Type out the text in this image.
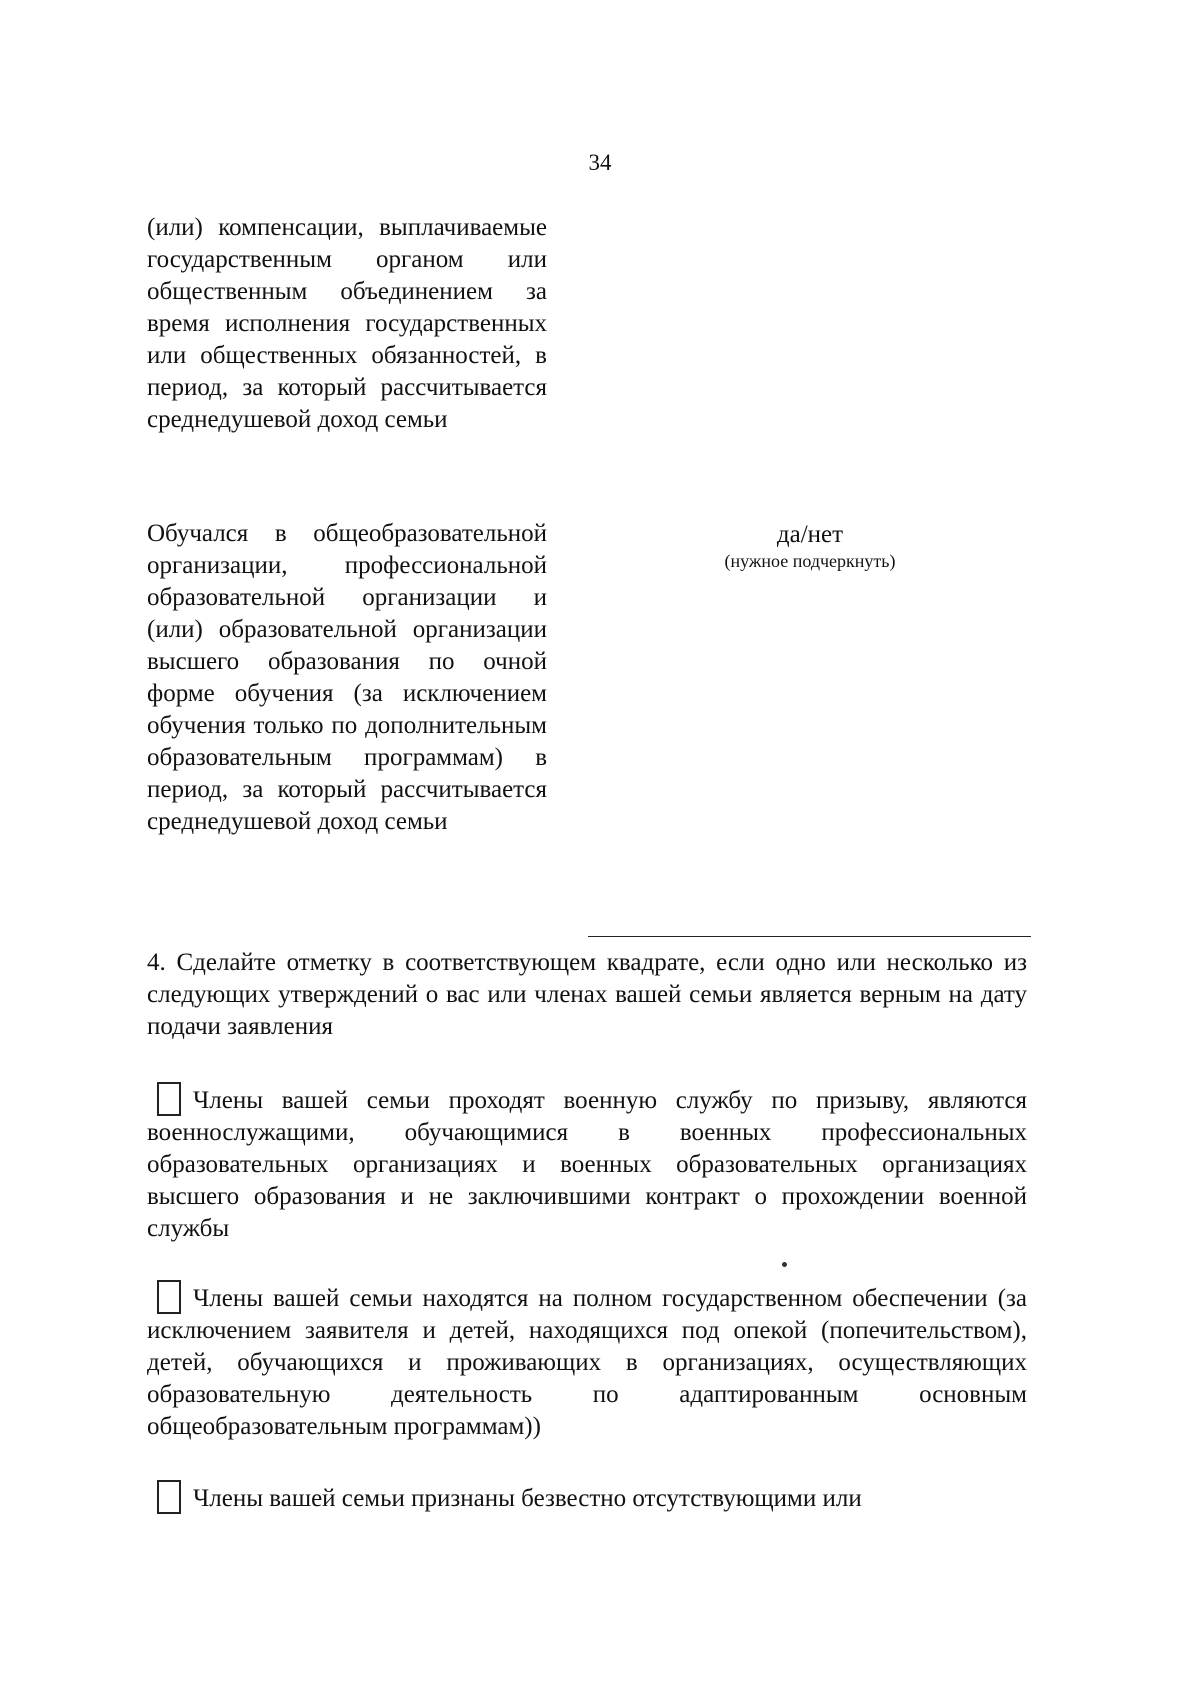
34
(или) компенсации, выплачиваемые государственным органом или общественным объединением за время исполнения государственных или общественных обязанностей, в период, за который рассчитывается среднедушевой доход семьи
Обучался в общеобразовательной организации, профессиональной образовательной организации и (или) образовательной организации высшего образования по очной форме обучения (за исключением обучения только по дополнительным образовательным программам) в период, за который рассчитывается среднедушевой доход семьи
да/нет
(нужное подчеркнуть)
4. Сделайте отметку в соответствующем квадрате, если одно или несколько из следующих утверждений о вас или членах вашей семьи является верным на дату подачи заявления
Члены вашей семьи проходят военную службу по призыву, являются военнослужащими, обучающимися в военных профессиональных образовательных организациях и военных образовательных организациях высшего образования и не заключившими контракт о прохождении военной службы
Члены вашей семьи находятся на полном государственном обеспечении (за исключением заявителя и детей, находящихся под опекой (попечительством), детей, обучающихся и проживающих в организациях, осуществляющих образовательную деятельность по адаптированным основным общеобразовательным программам))
Члены вашей семьи признаны безвестно отсутствующими или
